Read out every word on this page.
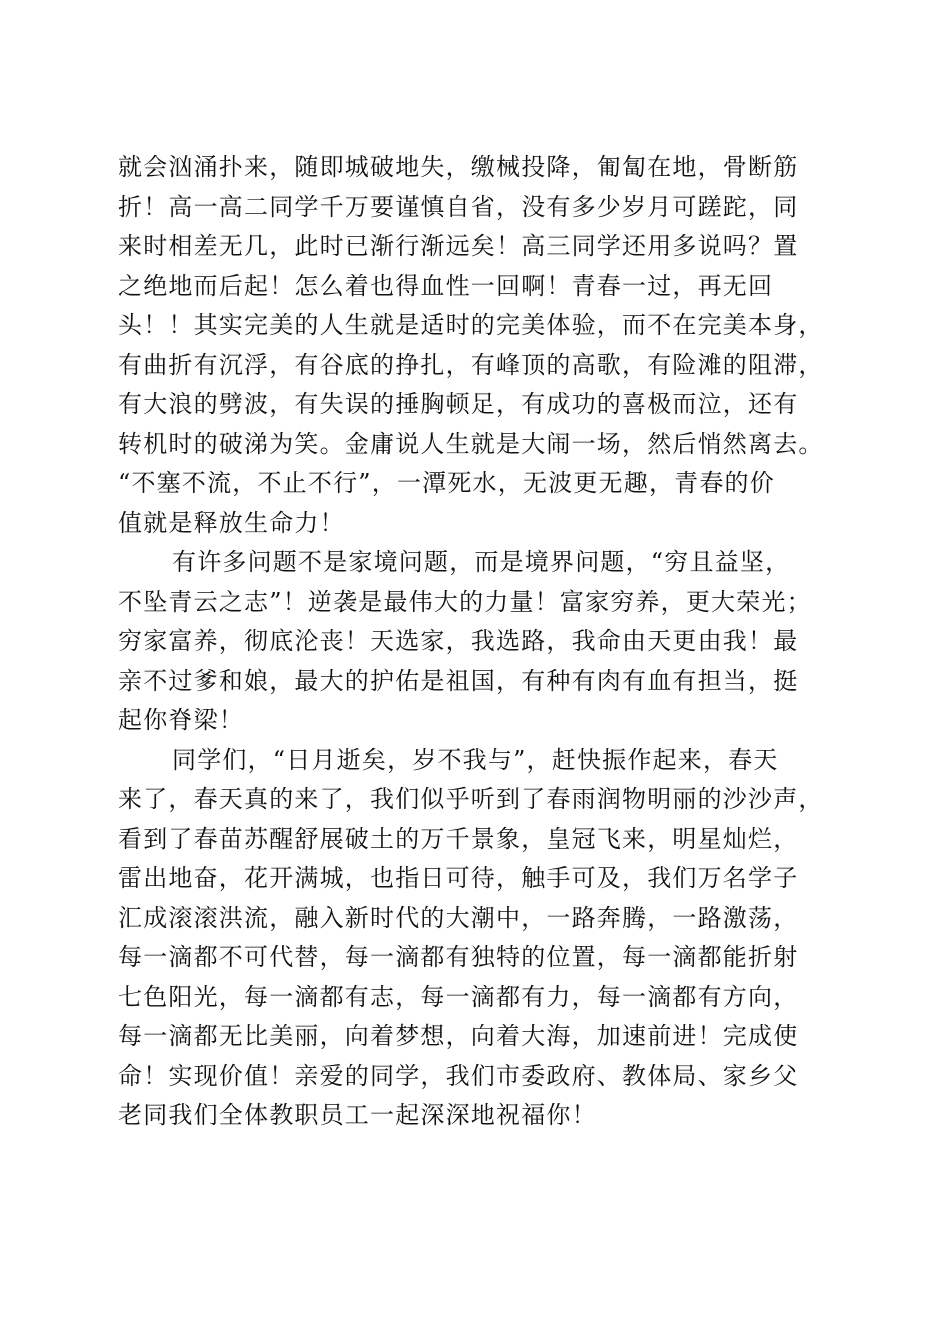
就会汹涌扑来，随即城破地失，缴械投降，匍匐在地，骨断筋
折！高一高二同学千万要谨慎自省，没有多少岁月可蹉跎，同
来时相差无几，此时已渐行渐远矣！高三同学还用多说吗？置
之绝地而后起！怎么着也得血性一回啊！青春一过，再无回
头！！其实完美的人生就是适时的完美体验，而不在完美本身，
有曲折有沉浮，有谷底的挣扎，有峰顶的高歌，有险滩的阻滞，
有大浪的劈波，有失误的捶胸顿足，有成功的喜极而泣，还有
转机时的破涕为笑。金庸说人生就是大闹一场，然后悄然离去。
“不塞不流，不止不行”，一潭死水，无波更无趣，青春的价
值就是释放生命力！

有许多问题不是家境问题，而是境界问题，“穷且益坚，
不坠青云之志”！逆袭是最伟大的力量！富家穷养，更大荣光；
穷家富养，彻底沦丧！天选家，我选路，我命由天更由我！最
亲不过爹和娘，最大的护佑是祖国，有种有肉有血有担当，挺
起你脊梁！

同学们，“日月逝矣，岁不我与”，赶快振作起来，春天
来了，春天真的来了，我们似乎听到了春雨润物明丽的沙沙声，
看到了春苗苏醒舒展破土的万千景象，皇冠飞来，明星灿烂，
雷出地奋，花开满城，也指日可待，触手可及，我们万名学子
汇成滚滚洪流，融入新时代的大潮中，一路奔腾，一路激荡，
每一滴都不可代替，每一滴都有独特的位置，每一滴都能折射
七色阳光，每一滴都有志，每一滴都有力，每一滴都有方向，
每一滴都无比美丽，向着梦想，向着大海，加速前进！完成使
命！实现价值！亲爱的同学，我们市委政府、教体局、家乡父
老同我们全体教职员工一起深深地祝福你！
